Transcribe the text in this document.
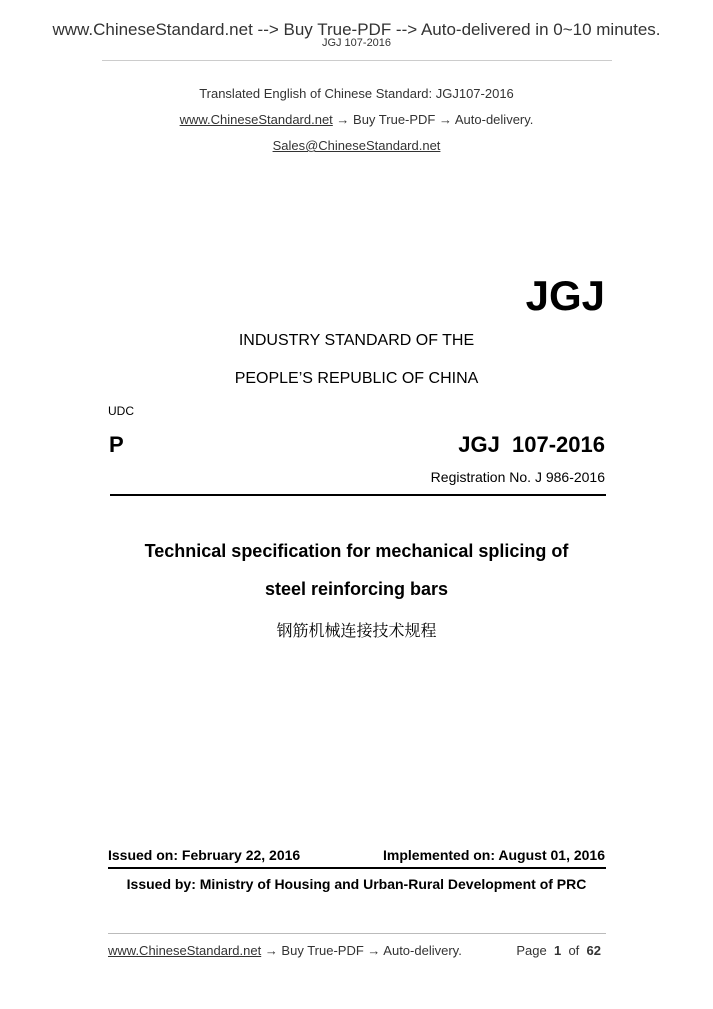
www.ChineseStandard.net --> Buy True-PDF --> Auto-delivered in 0~10 minutes.
JGJ 107-2016
Translated English of Chinese Standard: JGJ107-2016
www.ChineseStandard.net → Buy True-PDF → Auto-delivery.
Sales@ChineseStandard.net
JGJ
INDUSTRY STANDARD OF THE
PEOPLE’S REPUBLIC OF CHINA
UDC
P	JGJ  107-2016
Registration No. J 986-2016
Technical specification for mechanical splicing of
steel reinforcing bars
钢筋机械连接技术规程
Issued on: February 22, 2016	Implemented on: August 01, 2016
Issued by: Ministry of Housing and Urban-Rural Development of PRC
www.ChineseStandard.net → Buy True-PDF → Auto-delivery.	Page 1 of 62
